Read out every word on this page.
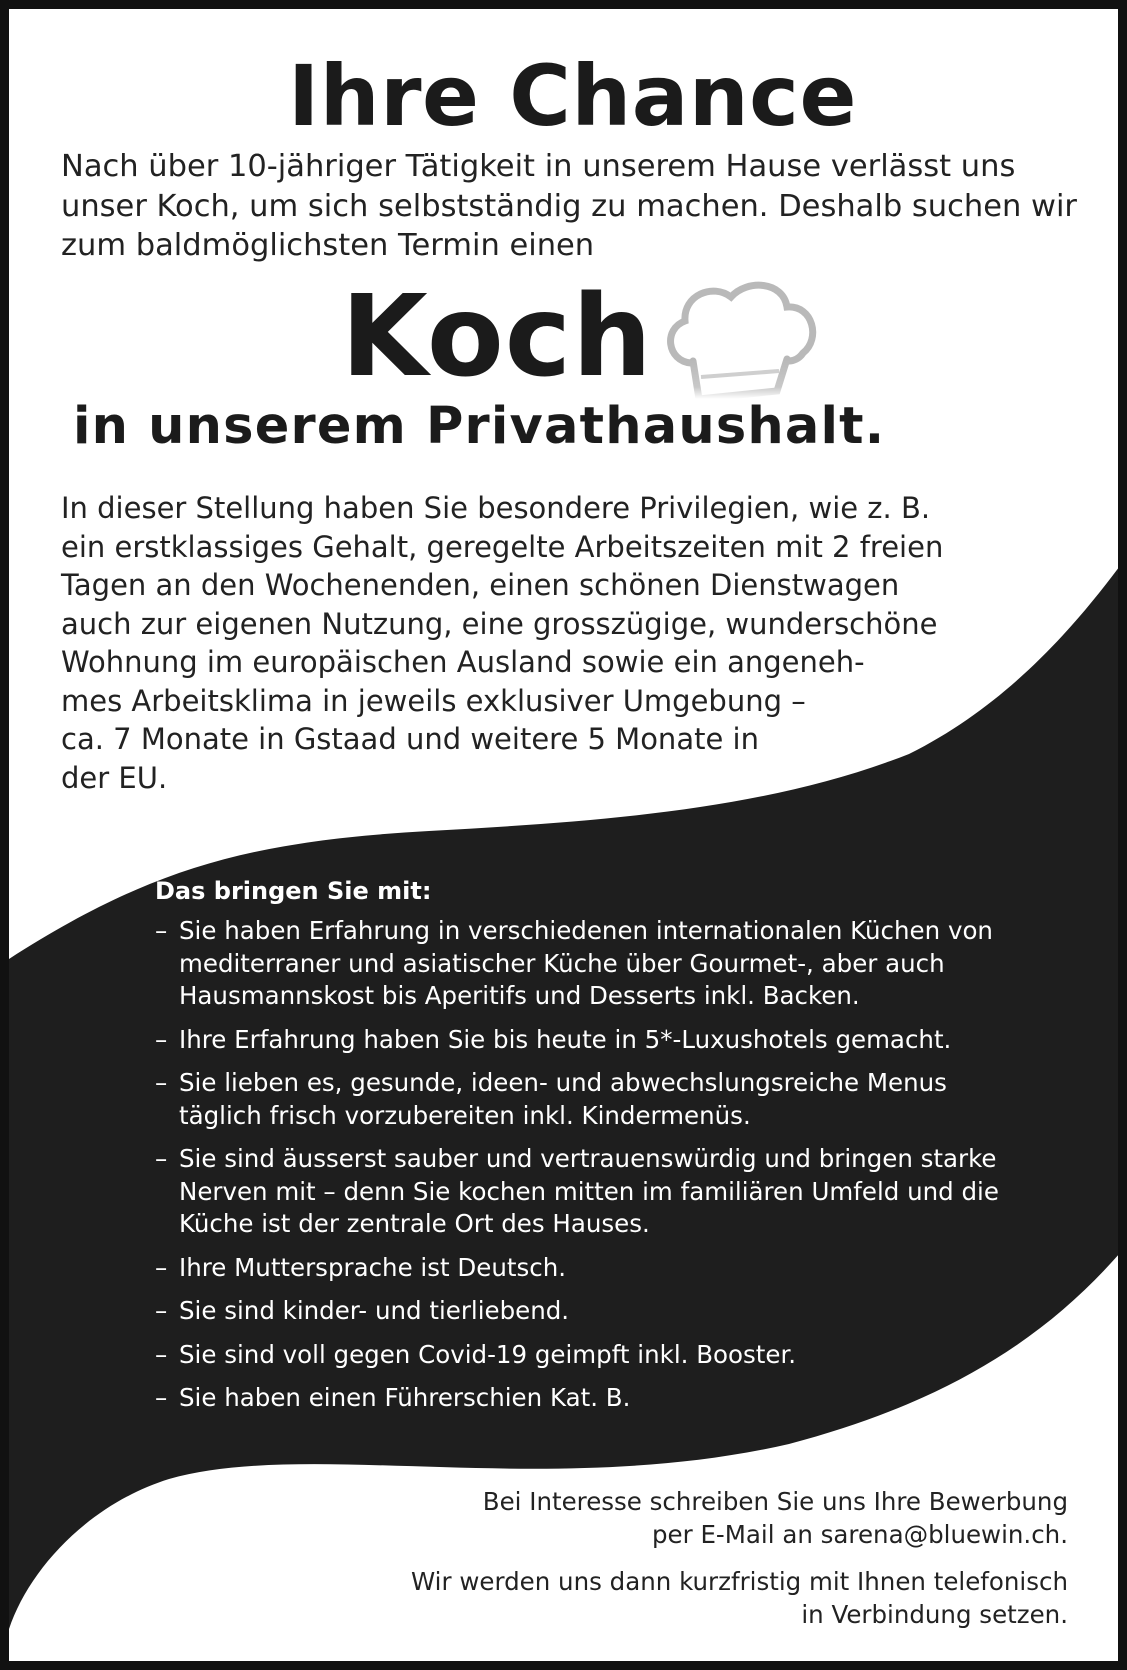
Ihre Chance

Nach über 10-jähriger Tätigkeit in unserem Hause verlässt uns unser Koch, um sich selbstständig zu machen. Deshalb suchen wir zum baldmöglichsten Termin einen

Koch
in unserem Privathaushalt.
In dieser Stellung haben Sie besondere Privilegien, wie z. B.
ein erstklassiges Gehalt, geregelte Arbeitszeiten mit 2 freien
Tagen an den Wochenenden, einen schönen Dienstwagen
auch zur eigenen Nutzung, eine grosszügige, wunderschöne
Wohnung im europäischen Ausland sowie ein angeneh-
mes Arbeitsklima in jeweils exklusiver Umgebung –
ca. 7 Monate in Gstaad und weitere 5 Monate in
der EU.

Das bringen Sie mit:

– Sie haben Erfahrung in verschiedenen internationalen Küchen von mediterraner und asiatischer Küche über Gourmet-, aber auch Hausmannskost bis Aperitifs und Desserts inkl. Backen.
– Ihre Erfahrung haben Sie bis heute in 5*-Luxushotels gemacht.
– Sie lieben es, gesunde, ideen- und abwechslungsreiche Menus täglich frisch vorzubereiten inkl. Kindermenüs.
– Sie sind äusserst sauber und vertrauenswürdig und bringen starke Nerven mit – denn Sie kochen mitten im familiären Umfeld und die Küche ist der zentrale Ort des Hauses.
– Ihre Muttersprache ist Deutsch.
– Sie sind kinder- und tierliebend.
– Sie sind voll gegen Covid-19 geimpft inkl. Booster.
– Sie haben einen Führerschien Kat. B.

Bei Interesse schreiben Sie uns Ihre Bewerbung
per E-Mail an sarena@bluewin.ch.

Wir werden uns dann kurzfristig mit Ihnen telefonisch
in Verbindung setzen.
